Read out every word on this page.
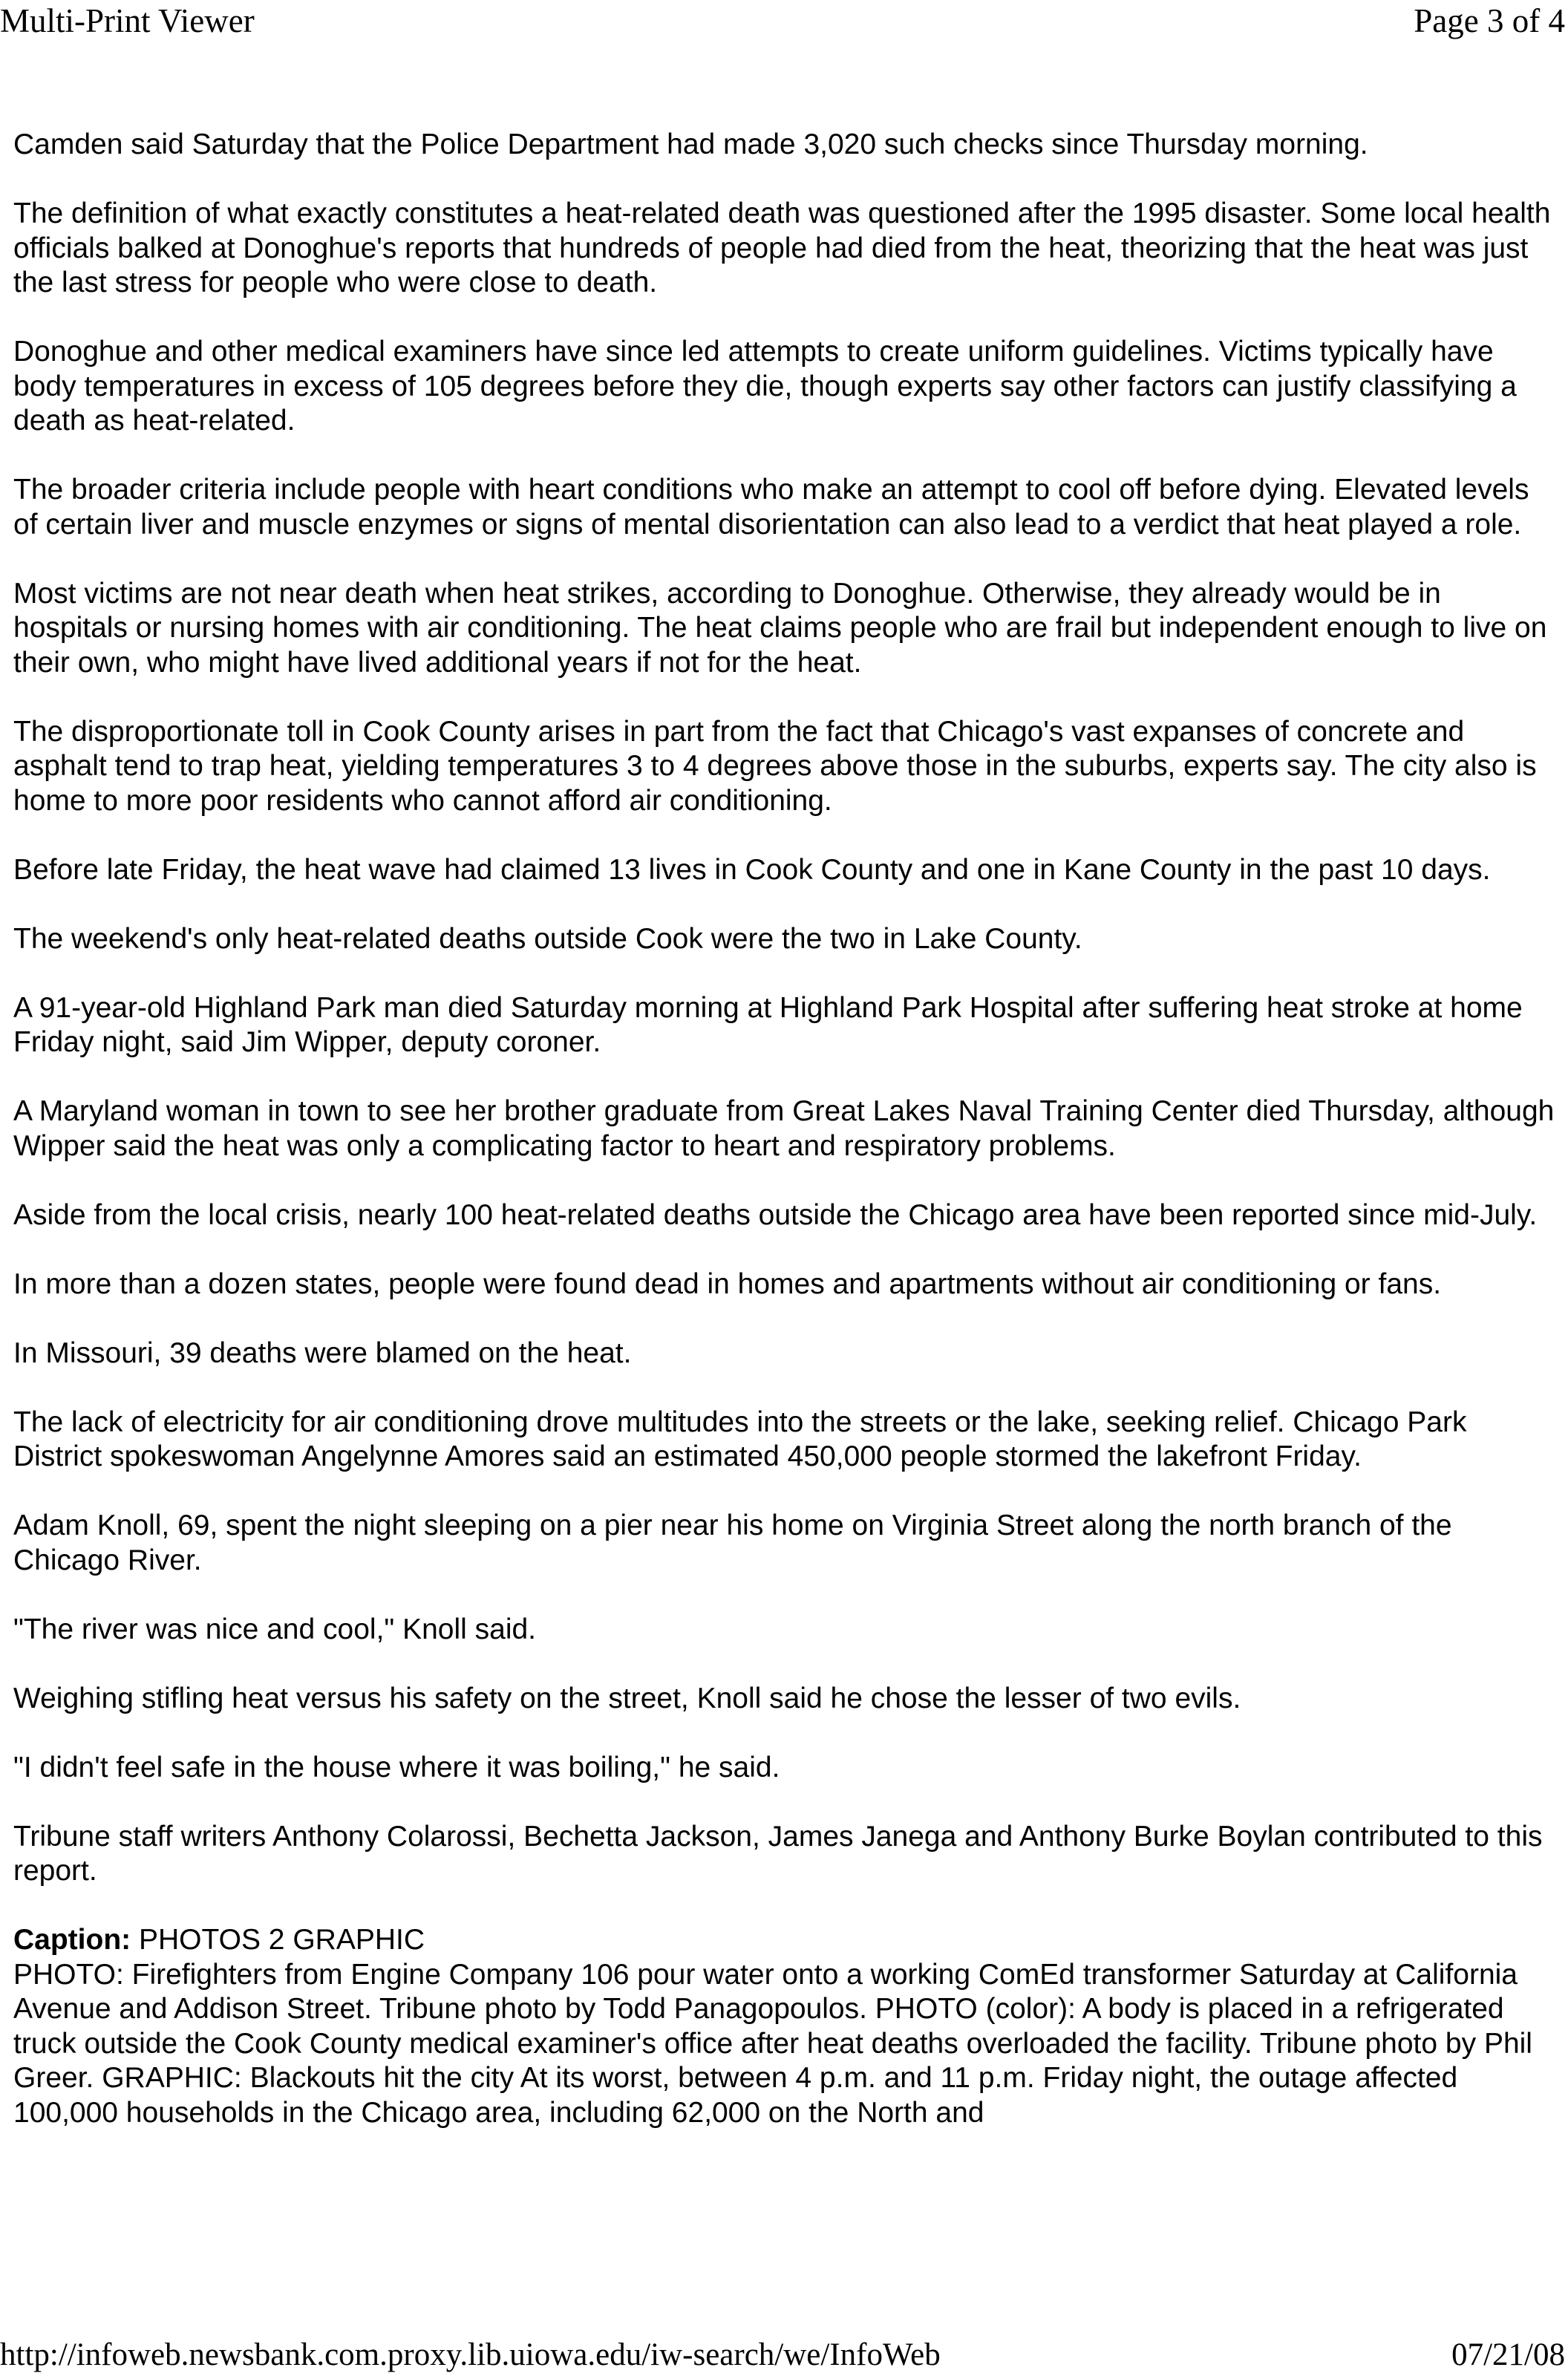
Multi-Print Viewer	Page 3 of 4

Camden said Saturday that the Police Department had made 3,020 such checks since Thursday morning.

The definition of what exactly constitutes a heat-related death was questioned after the 1995 disaster. Some local health officials balked at Donoghue's reports that hundreds of people had died from the heat, theorizing that the heat was just the last stress for people who were close to death.

Donoghue and other medical examiners have since led attempts to create uniform guidelines. Victims typically have body temperatures in excess of 105 degrees before they die, though experts say other factors can justify classifying a death as heat-related.

The broader criteria include people with heart conditions who make an attempt to cool off before dying. Elevated levels of certain liver and muscle enzymes or signs of mental disorientation can also lead to a verdict that heat played a role.

Most victims are not near death when heat strikes, according to Donoghue. Otherwise, they already would be in hospitals or nursing homes with air conditioning. The heat claims people who are frail but independent enough to live on their own, who might have lived additional years if not for the heat.

The disproportionate toll in Cook County arises in part from the fact that Chicago's vast expanses of concrete and asphalt tend to trap heat, yielding temperatures 3 to 4 degrees above those in the suburbs, experts say. The city also is home to more poor residents who cannot afford air conditioning.

Before late Friday, the heat wave had claimed 13 lives in Cook County and one in Kane County in the past 10 days.

The weekend's only heat-related deaths outside Cook were the two in Lake County.

A 91-year-old Highland Park man died Saturday morning at Highland Park Hospital after suffering heat stroke at home Friday night, said Jim Wipper, deputy coroner.

A Maryland woman in town to see her brother graduate from Great Lakes Naval Training Center died Thursday, although Wipper said the heat was only a complicating factor to heart and respiratory problems.

Aside from the local crisis, nearly 100 heat-related deaths outside the Chicago area have been reported since mid-July.

In more than a dozen states, people were found dead in homes and apartments without air conditioning or fans.

In Missouri, 39 deaths were blamed on the heat.

The lack of electricity for air conditioning drove multitudes into the streets or the lake, seeking relief. Chicago Park District spokeswoman Angelynne Amores said an estimated 450,000 people stormed the lakefront Friday.

Adam Knoll, 69, spent the night sleeping on a pier near his home on Virginia Street along the north branch of the Chicago River.

"The river was nice and cool," Knoll said.

Weighing stifling heat versus his safety on the street, Knoll said he chose the lesser of two evils.

"I didn't feel safe in the house where it was boiling," he said.

Tribune staff writers Anthony Colarossi, Bechetta Jackson, James Janega and Anthony Burke Boylan contributed to this report.

Caption: PHOTOS 2 GRAPHIC
PHOTO: Firefighters from Engine Company 106 pour water onto a working ComEd transformer Saturday at California Avenue and Addison Street. Tribune photo by Todd Panagopoulos. PHOTO (color): A body is placed in a refrigerated truck outside the Cook County medical examiner's office after heat deaths overloaded the facility. Tribune photo by Phil Greer. GRAPHIC: Blackouts hit the city At its worst, between 4 p.m. and 11 p.m. Friday night, the outage affected 100,000 households in the Chicago area, including 62,000 on the North and
http://infoweb.newsbank.com.proxy.lib.uiowa.edu/iw-search/we/InfoWeb	07/21/08
